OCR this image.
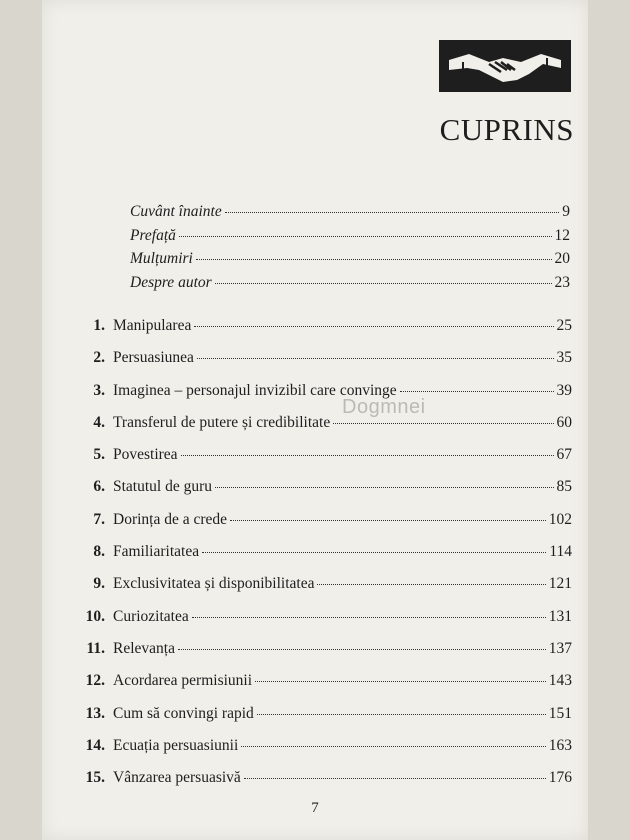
CUPRINS
Cuvânt înainte	9
Prefață	12
Mulțumiri	20
Despre autor	23
1. Manipularea	25
2. Persuasiunea	35
3. Imaginea – personajul invizibil care convinge	39
4. Transferul de putere și credibilitate	60
5. Povestirea	67
6. Statutul de guru	85
7. Dorința de a crede	102
8. Familiaritatea	114
9. Exclusivitatea și disponibilitatea	121
10. Curiozitatea	131
11. Relevanța	137
12. Acordarea permisiunii	143
13. Cum să convingi rapid	151
14. Ecuația persuasiunii	163
15. Vânzarea persuasivă	176
Dogmnei
7
